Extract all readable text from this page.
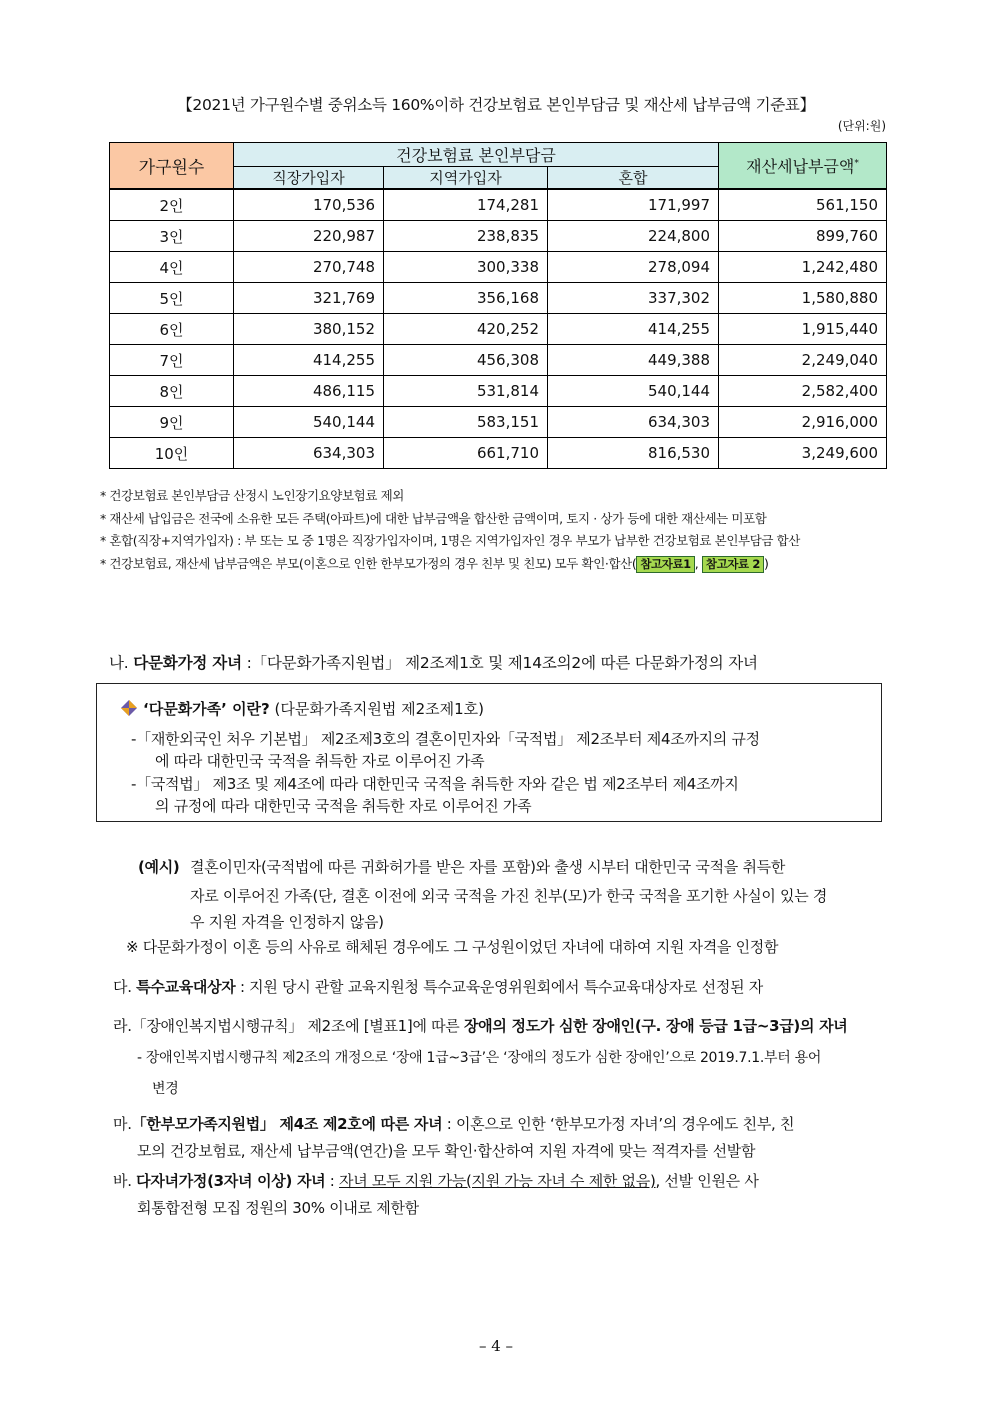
【2021년 가구원수별 중위소득 160%이하 건강보험료 본인부담금 및 재산세 납부금액 기준표】
(단위:원)
가구원수	건강보험료 본인부담금			재산세납부금액*
	직장가입자	지역가입자	혼합	
2인	170,536	174,281	171,997	561,150
3인	220,987	238,835	224,800	899,760
4인	270,748	300,338	278,094	1,242,480
5인	321,769	356,168	337,302	1,580,880
6인	380,152	420,252	414,255	1,915,440
7인	414,255	456,308	449,388	2,249,040
8인	486,115	531,814	540,144	2,582,400
9인	540,144	583,151	634,303	2,916,000
10인	634,303	661,710	816,530	3,249,600
* 건강보험료 본인부담금 산정시 노인장기요양보험료 제외
* 재산세 납입금은 전국에 소유한 모든 주택(아파트)에 대한 납부금액을 합산한 금액이며, 토지 · 상가 등에 대한 재산세는 미포함
* 혼합(직장+지역가입자) : 부 또는 모 중 1명은 직장가입자이며, 1명은 지역가입자인 경우 부모가 납부한 건강보험료 본인부담금 합산
* 건강보험료, 재산세 납부금액은 부모(이혼으로 인한 한부모가정의 경우 친부 및 친모) 모두 확인·합산( 참고자료1 , 참고자료 2 )
나. 다문화가정 자녀 :「다문화가족지원법」 제2조제1호 및 제14조의2에 따른 다문화가정의 자녀
‘다문화가족’ 이란? (다문화가족지원법 제2조제1호)
-「재한외국인 처우 기본법」 제2조제3호의 결혼이민자와「국적법」 제2조부터 제4조까지의 규정
에 따라 대한민국 국적을 취득한 자로 이루어진 가족
-「국적법」 제3조 및 제4조에 따라 대한민국 국적을 취득한 자와 같은 법 제2조부터 제4조까지
의 규정에 따라 대한민국 국적을 취득한 자로 이루어진 가족
(예시) 결혼이민자(국적법에 따른 귀화허가를 받은 자를 포함)와 출생 시부터 대한민국 국적을 취득한
자로 이루어진 가족(단, 결혼 이전에 외국 국적을 가진 친부(모)가 한국 국적을 포기한 사실이 있는 경
우 지원 자격을 인정하지 않음)
※ 다문화가정이 이혼 등의 사유로 해체된 경우에도 그 구성원이었던 자녀에 대하여 지원 자격을 인정함
다. 특수교육대상자 : 지원 당시 관할 교육지원청 특수교육운영위원회에서 특수교육대상자로 선정된 자
라.「장애인복지법시행규칙」 제2조에 [별표1]에 따른 장애의 정도가 심한 장애인(구. 장애 등급 1급~3급)의 자녀
- 장애인복지법시행규칙 제2조의 개정으로 ‘장애 1급~3급’은 ‘장애의 정도가 심한 장애인’으로 2019.7.1.부터 용어
변경
마.「한부모가족지원법」 제4조 제2호에 따른 자녀 : 이혼으로 인한 ‘한부모가정 자녀’의 경우에도 친부, 친
모의 건강보험료, 재산세 납부금액(연간)을 모두 확인·합산하여 지원 자격에 맞는 적격자를 선발함
바. 다자녀가정(3자녀 이상) 자녀 : 자녀 모두 지원 가능(지원 가능 자녀 수 제한 없음), 선발 인원은 사
회통합전형 모집 정원의 30% 이내로 제한함
– 4 –
